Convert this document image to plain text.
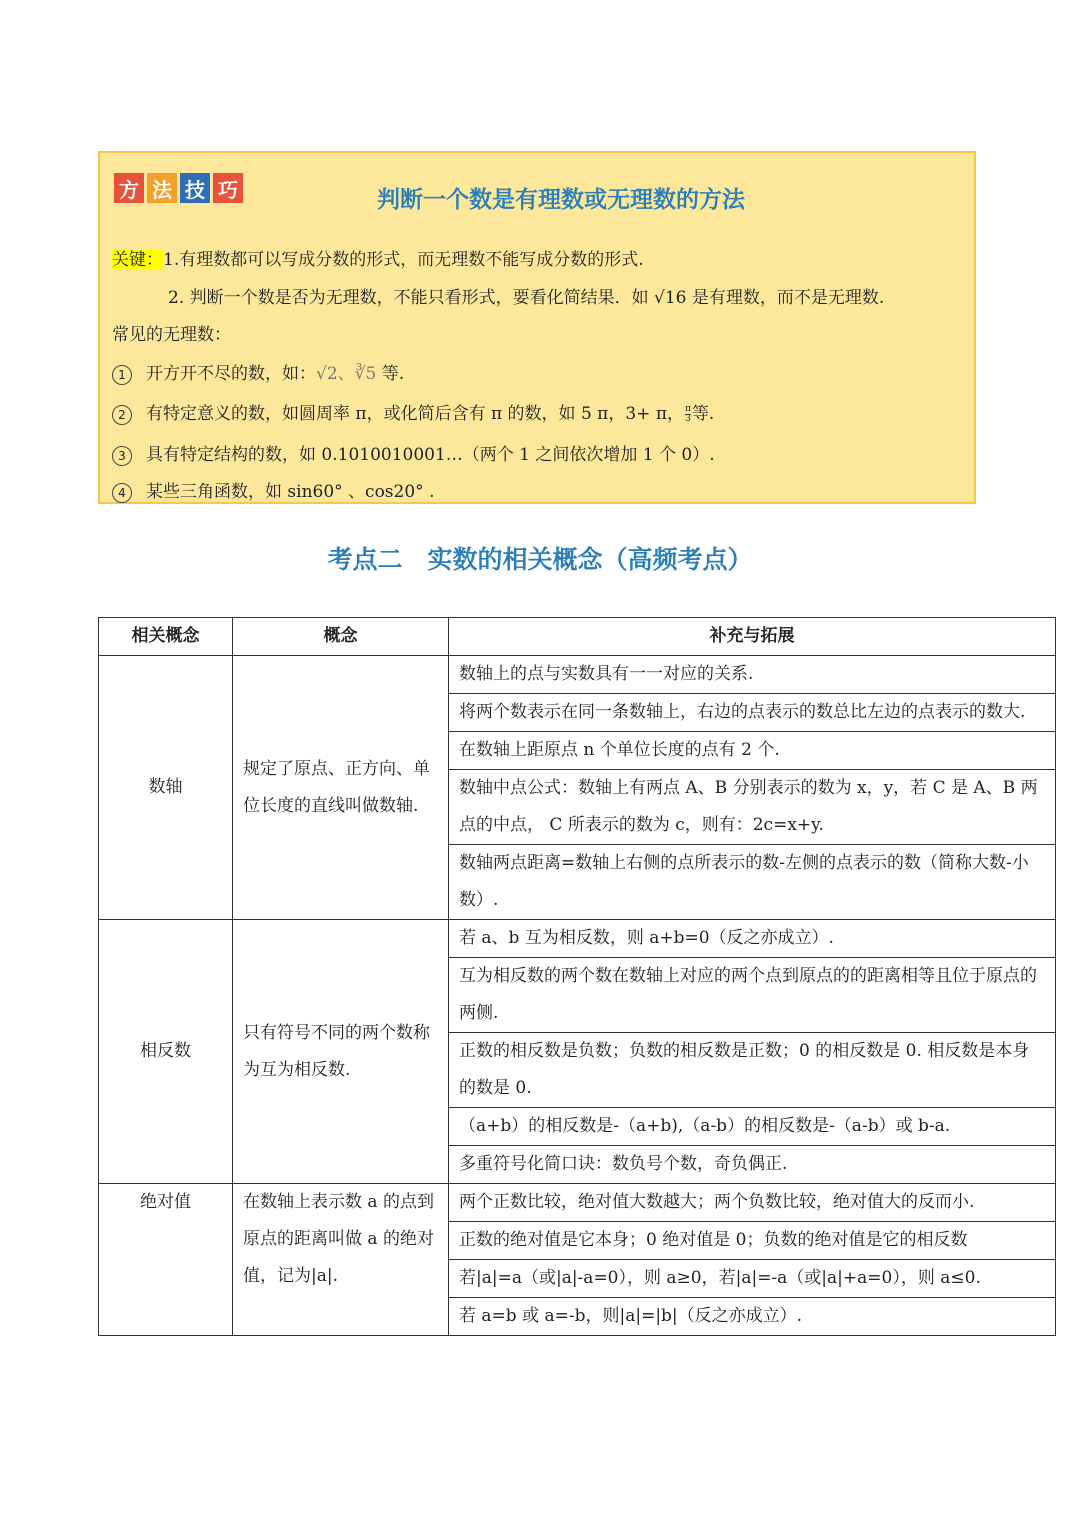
方 法 技 巧	判断一个数是有理数或无理数的方法
关键：1.有理数都可以写成分数的形式，而无理数不能写成分数的形式.
2. 判断一个数是否为无理数，不能只看形式，要看化简结果．如 √16 是有理数，而不是无理数.
常见的无理数：
1 开方开不尽的数，如：√2、∛5 等.
2 有特定意义的数，如圆周率 π，或化简后含有 π 的数，如 5 π，3+ π， $\frac{\pi}{3}$ 等.
3 具有特定结构的数，如 0.1010010001…（两个 1 之间依次增加 1 个 0）.
4 某些三角函数，如 sin60° 、cos20° .
考点二　实数的相关概念（高频考点）
相关概念	概念	补充与拓展
数轴	规定了原点、正方向、单位长度的直线叫做数轴.	数轴上的点与实数具有一一对应的关系.
		将两个数表示在同一条数轴上，右边的点表示的数总比左边的点表示的数大.
		在数轴上距原点 n 个单位长度的点有 2 个.
		数轴中点公式：数轴上有两点 A、B 分别表示的数为 x，y，若 C 是 A、B 两点的中点， C 所表示的数为 c，则有：2c=x+y.
		数轴两点距离=数轴上右侧的点所表示的数-左侧的点表示的数（简称大数-小数）.
相反数	只有符号不同的两个数称为互为相反数.	若 a、b 互为相反数，则 a+b=0（反之亦成立）.
		互为相反数的两个数在数轴上对应的两个点到原点的的距离相等且位于原点的两侧.
		正数的相反数是负数；负数的相反数是正数；0 的相反数是 0. 相反数是本身的数是 0.
		（a+b）的相反数是-（a+b),（a-b）的相反数是-（a-b）或 b-a.
		多重符号化简口诀：数负号个数，奇负偶正.
绝对值	在数轴上表示数 a 的点到原点的距离叫做 a 的绝对值，记为|a|.	两个正数比较，绝对值大数越大；两个负数比较，绝对值大的反而小.
		正数的绝对值是它本身；0 绝对值是 0；负数的绝对值是它的相反数
		若|a|=a（或|a|-a=0），则 a≥0，若|a|=-a（或|a|+a=0），则 a≤0.
		若 a=b 或 a=-b，则|a|=|b|（反之亦成立）.
